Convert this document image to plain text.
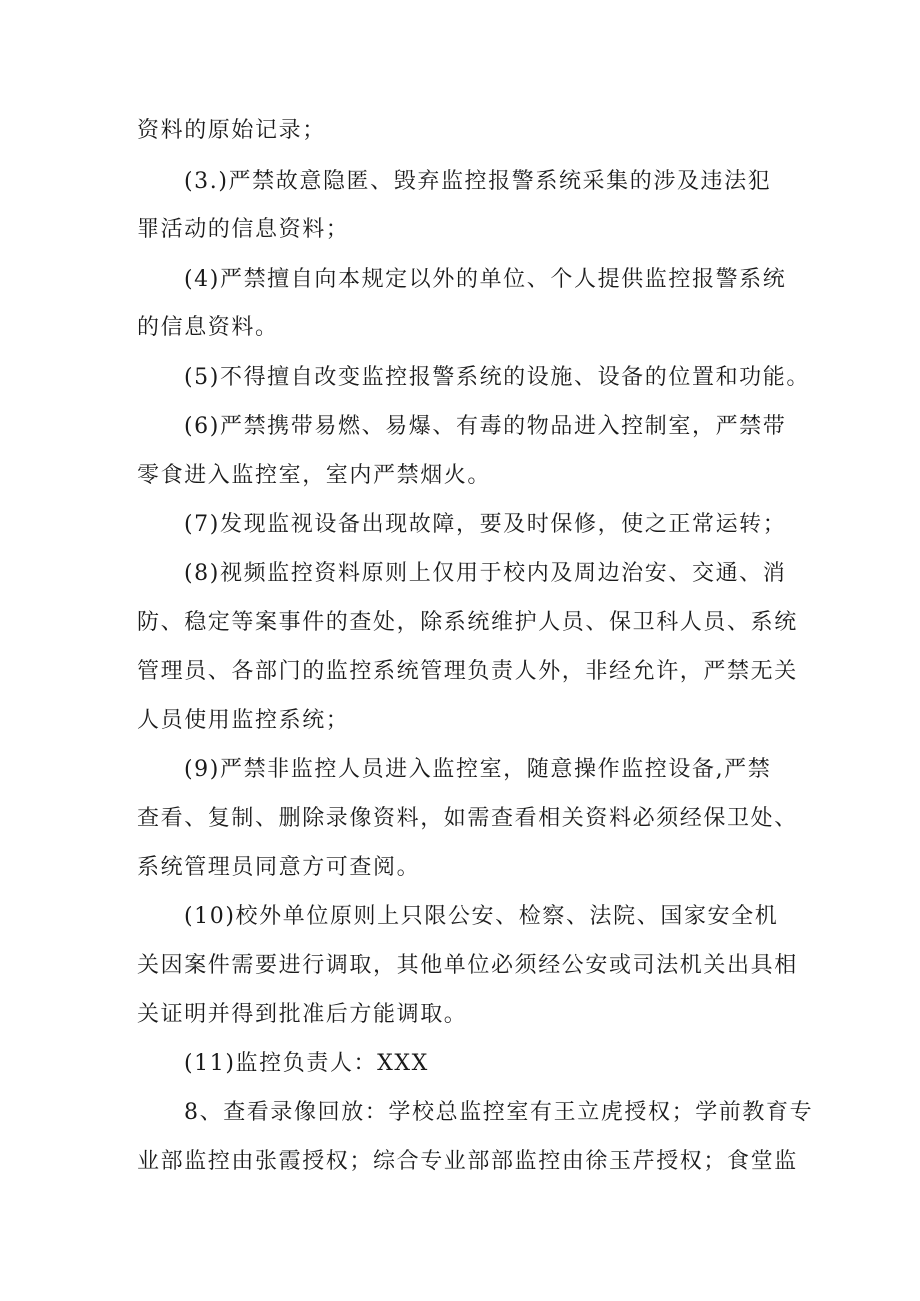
资料的原始记录；
(3.)严禁故意隐匿、毁弃监控报警系统采集的涉及违法犯
罪活动的信息资料；
(4)严禁擅自向本规定以外的单位、个人提供监控报警系统
的信息资料。
(5)不得擅自改变监控报警系统的设施、设备的位置和功能。
(6)严禁携带易燃、易爆、有毒的物品进入控制室，严禁带
零食进入监控室，室内严禁烟火。
(7)发现监视设备出现故障，要及时保修，使之正常运转；
(8)视频监控资料原则上仅用于校内及周边治安、交通、消
防、稳定等案事件的查处，除系统维护人员、保卫科人员、系统
管理员、各部门的监控系统管理负责人外，非经允许，严禁无关
人员使用监控系统；
(9)严禁非监控人员进入监控室，随意操作监控设备,严禁
查看、复制、删除录像资料，如需查看相关资料必须经保卫处、
系统管理员同意方可查阅。
(10)校外单位原则上只限公安、检察、法院、国家安全机
关因案件需要进行调取，其他单位必须经公安或司法机关出具相
关证明并得到批准后方能调取。
(11)监控负责人：XXX
8、查看录像回放：学校总监控室有王立虎授权；学前教育专
业部监控由张霞授权；综合专业部部监控由徐玉芹授权；食堂监
